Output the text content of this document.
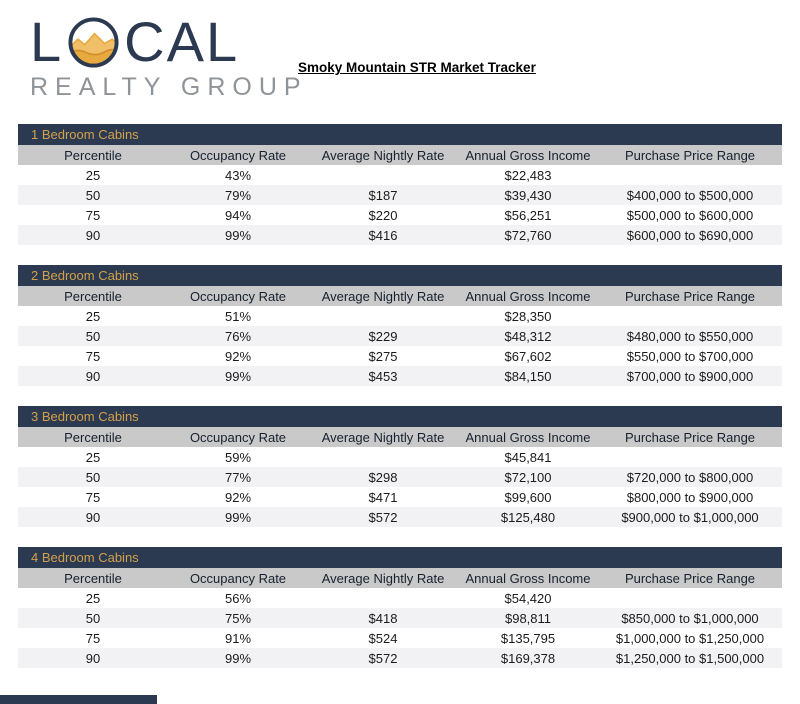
L CAL
REALTY GROUP
Smoky Mountain STR Market Tracker
1 Bedroom Cabins
Percentile	Occupancy Rate	Average Nightly Rate	Annual Gross Income	Purchase Price Range
25	43%		$22,483	
50	79%	$187	$39,430	$400,000 to $500,000
75	94%	$220	$56,251	$500,000 to $600,000
90	99%	$416	$72,760	$600,000 to $690,000
2 Bedroom Cabins
Percentile	Occupancy Rate	Average Nightly Rate	Annual Gross Income	Purchase Price Range
25	51%		$28,350	
50	76%	$229	$48,312	$480,000 to $550,000
75	92%	$275	$67,602	$550,000 to $700,000
90	99%	$453	$84,150	$700,000 to $900,000
3 Bedroom Cabins
Percentile	Occupancy Rate	Average Nightly Rate	Annual Gross Income	Purchase Price Range
25	59%		$45,841	
50	77%	$298	$72,100	$720,000 to $800,000
75	92%	$471	$99,600	$800,000 to $900,000
90	99%	$572	$125,480	$900,000 to $1,000,000
4 Bedroom Cabins
Percentile	Occupancy Rate	Average Nightly Rate	Annual Gross Income	Purchase Price Range
25	56%		$54,420	
50	75%	$418	$98,811	$850,000 to $1,000,000
75	91%	$524	$135,795	$1,000,000 to $1,250,000
90	99%	$572	$169,378	$1,250,000 to $1,500,000
